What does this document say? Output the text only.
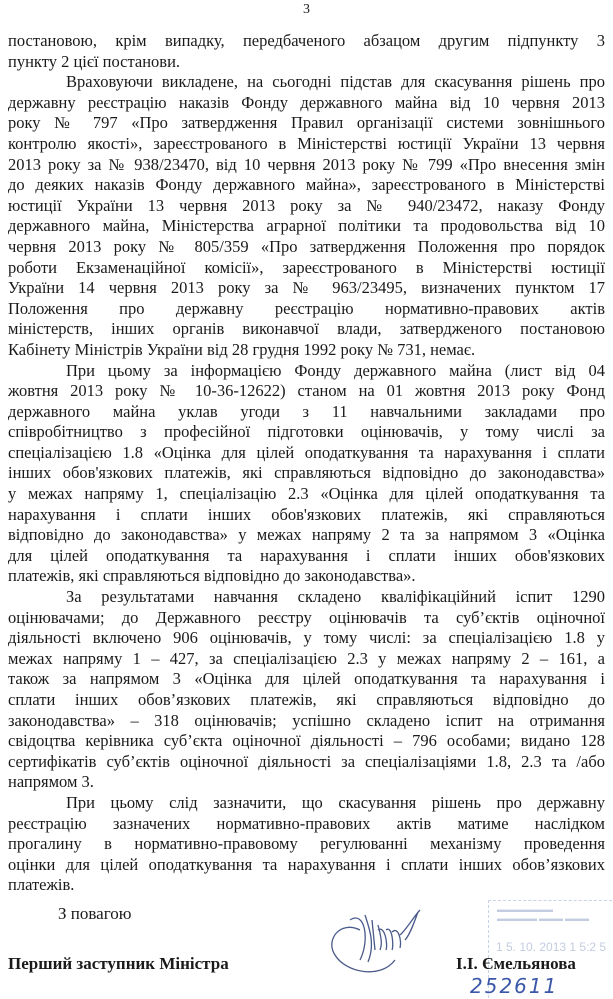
3
постановою, крім випадку, передбаченого абзацом другим підпункту 3
пункту 2 цієї постанови.
Враховуючи викладене, на сьогодні підстав для скасування рішень про
державну реєстрацію наказів Фонду державного майна від 10 червня 2013
року № 797 «Про затвердження Правил організації системи зовнішнього
контролю якості», зареєстрованого в Міністерстві юстиції України 13 червня
2013 року за № 938/23470, від 10 червня 2013 року № 799 «Про внесення змін
до деяких наказів Фонду державного майна», зареєстрованого в Міністерстві
юстиції України 13 червня 2013 року за № 940/23472, наказу Фонду
державного майна, Міністерства аграрної політики та продовольства від 10
червня 2013 року № 805/359 «Про затвердження Положення про порядок
роботи Екзаменаційної комісії», зареєстрованого в Міністерстві юстиції
України 14 червня 2013 року за № 963/23495, визначених пунктом 17
Положення про державну реєстрацію нормативно-правових актів
міністерств, інших органів виконавчої влади, затвердженого постановою
Кабінету Міністрів України від 28 грудня 1992 року № 731, немає.
При цьому за інформацією Фонду державного майна (лист від 04
жовтня 2013 року № 10-36-12622) станом на 01 жовтня 2013 року Фонд
державного майна уклав угоди з 11 навчальними закладами про
співробітництво з професійної підготовки оцінювачів, у тому числі за
спеціалізацією 1.8 «Оцінка для цілей оподаткування та нарахування і сплати
інших обов'язкових платежів, які справляються відповідно до законодавства»
у межах напряму 1, спеціалізацію 2.3 «Оцінка для цілей оподаткування та
нарахування і сплати інших обов'язкових платежів, які справляються
відповідно до законодавства» у межах напряму 2 та за напрямом 3 «Оцінка
для цілей оподаткування та нарахування і сплати інших обов'язкових
платежів, які справляються відповідно до законодавства».
За результатами навчання складено кваліфікаційний іспит 1290
оцінювачами; до Державного реєстру оцінювачів та суб’єктів оціночної
діяльності включено 906 оцінювачів, у тому числі: за спеціалізацією 1.8 у
межах напряму 1 – 427, за спеціалізацією 2.3 у межах напряму 2 – 161, а
також за напрямом 3 «Оцінка для цілей оподаткування та нарахування і
сплати інших обов’язкових платежів, які справляються відповідно до
законодавства» – 318 оцінювачів; успішно складено іспит на отримання
свідоцтва керівника суб’єкта оціночної діяльності – 796 особами; видано 128
сертифікатів суб’єктів оціночної діяльності за спеціалізаціями 1.8, 2.3 та /або
напрямом 3.
При цьому слід зазначити, що скасування рішень про державну
реєстрацію зазначених нормативно-правових актів матиме наслідком
прогалину в нормативно-правовому регулюванні механізму проведення
оцінки для цілей оподаткування та нарахування і сплати інших обов’язкових
платежів.
З повагою	▬▬▬▬▬▬▬
▬▬▬▬▬ ▬▬▬ ▬▬▬
1 5. 10. 2013 1 5:2 5
Перший заступник Міністра	І.І. Ємельянова
252611
